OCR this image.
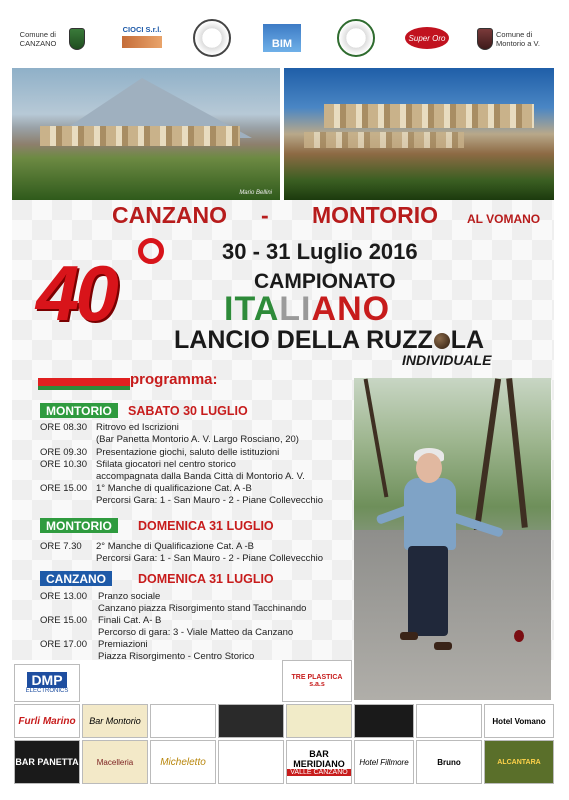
Comune di
CANZANO
CIOCI S.r.l.
BIM	Super Oro	Comune di
Montorio a V.
Mario Bellini
CANZANO - MONTORIO AL VOMANO
30 - 31 Luglio 2016
40	CAMPIONATO
ITALIANO
LANCIO DELLA RUZZ LA
INDIVIDUALE
programma:
MONTORIO	SABATO 30 LUGLIO
ORE 08.30 Ritrovo ed Iscrizioni
(Bar Panetta Montorio A. V. Largo Rosciano, 20)
ORE 09.30 Presentazione giochi, saluto delle istituzioni
ORE 10.30 Sfilata giocatori nel centro storico
accompagnata dalla Banda Città di Montorio A. V.
ORE 15.00 1° Manche di qualificazione Cat. A -B
Percorsi Gara: 1 - San Mauro - 2 - Piane Collevecchio
MONTORIO	DOMENICA 31 LUGLIO
ORE 7.30 2° Manche di Qualificazione Cat. A -B
Percorsi Gara: 1 - San Mauro - 2 - Piane Collevecchio
CANZANO	DOMENICA 31 LUGLIO
ORE 13.00 Pranzo sociale
Canzano piazza Risorgimento stand Tacchinando
ORE 15.00 Finali Cat. A- B
Percorso di gara: 3 - Viale Matteo da Canzano
ORE 17.00 Premiazioni
Piazza Risorgimento - Centro Storico
DMP
ELECTRONICS
TRE PLASTICA s.a.s
Furli Marino	Bar Montorio	Hotel Vomano
BAR PANETTA	Macelleria	Micheletto
BAR MERIDIANO
VALLE CANZANO
Hotel Fillmore	Bruno	ALCANTARA
